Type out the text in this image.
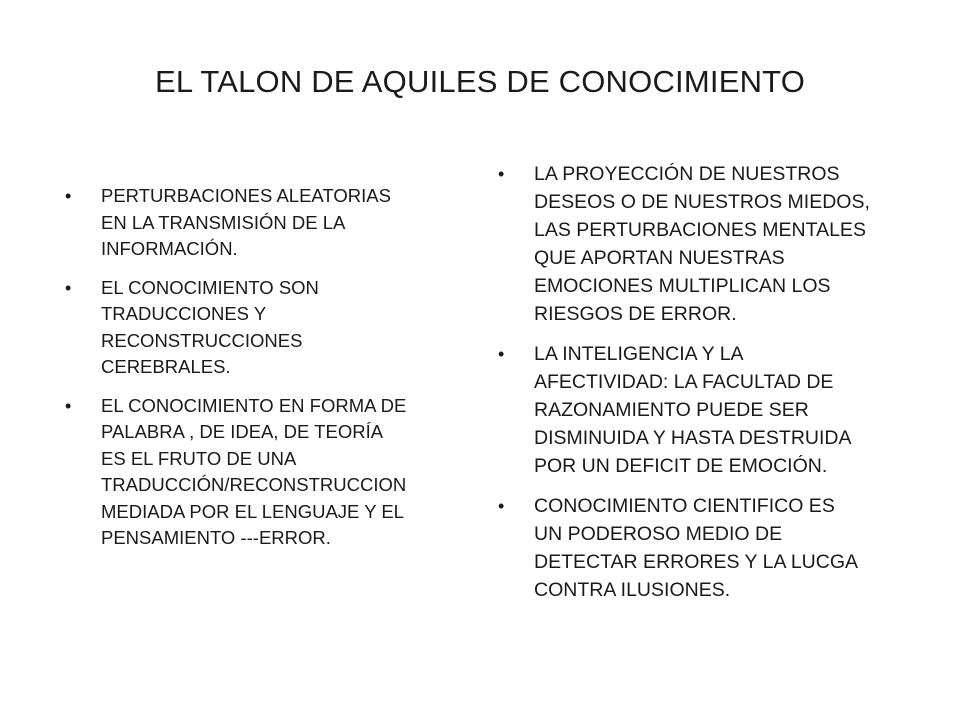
EL TALON DE AQUILES DE CONOCIMIENTO
• PERTURBACIONES ALEATORIAS
EN LA TRANSMISIÓN DE LA
INFORMACIÓN.
• EL CONOCIMIENTO SON
TRADUCCIONES Y
RECONSTRUCCIONES
CEREBRALES.
• EL CONOCIMIENTO EN FORMA DE
PALABRA , DE IDEA, DE TEORÍA
ES EL FRUTO DE UNA
TRADUCCIÓN/RECONSTRUCCION
MEDIADA POR EL LENGUAJE Y EL
PENSAMIENTO ---ERROR.
• LA PROYECCIÓN DE NUESTROS
DESEOS O DE NUESTROS MIEDOS,
LAS PERTURBACIONES MENTALES
QUE APORTAN NUESTRAS
EMOCIONES MULTIPLICAN LOS
RIESGOS DE ERROR.
• LA INTELIGENCIA Y LA
AFECTIVIDAD: LA FACULTAD DE
RAZONAMIENTO PUEDE SER
DISMINUIDA Y HASTA DESTRUIDA
POR UN DEFICIT DE EMOCIÓN.
• CONOCIMIENTO CIENTIFICO ES
UN PODEROSO MEDIO DE
DETECTAR ERRORES Y LA LUCGA
CONTRA ILUSIONES.
